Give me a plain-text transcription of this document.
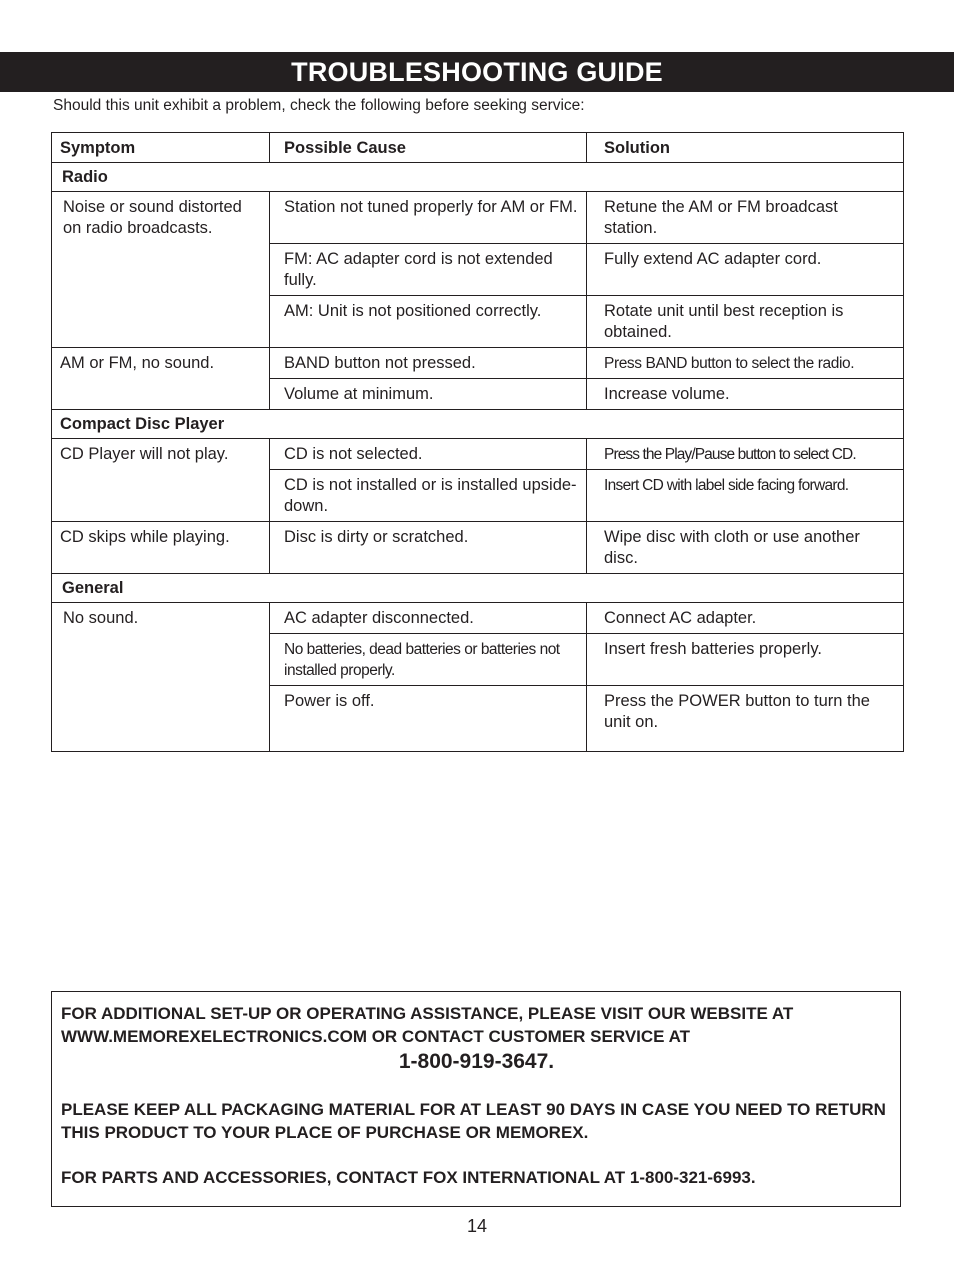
TROUBLESHOOTING GUIDE
Should this unit exhibit a problem, check the following before seeking service:
Symptom	Possible Cause	Solution
Radio		
Noise or sound distorted on radio broadcasts.	Station not tuned properly for AM or FM.	Retune the AM or FM broadcast station.
	FM: AC adapter cord is not extended fully.	Fully extend AC adapter cord.
	AM: Unit is not positioned correctly.	Rotate unit until best reception is obtained.
AM or FM, no sound.	BAND button not pressed.	Press BAND button to select the radio.
	Volume at minimum.	Increase volume.
Compact Disc Player		
CD Player will not play.	CD is not selected.	Press the Play/Pause button to select CD.
	CD is not installed or is installed upside-down.	Insert CD with label side facing forward.
CD skips while playing.	Disc is dirty or scratched.	Wipe disc with cloth or use another disc.
General		
No sound.	AC adapter disconnected.	Connect AC adapter.
	No batteries, dead batteries or batteries not installed properly.	Insert fresh batteries properly.
	Power is off.	Press the POWER button to turn the unit on.

FOR ADDITIONAL SET-UP OR OPERATING ASSISTANCE, PLEASE VISIT OUR WEBSITE AT WWW.MEMOREXELECTRONICS.COM OR CONTACT CUSTOMER SERVICE AT

1-800-919-3647.

PLEASE KEEP ALL PACKAGING MATERIAL FOR AT LEAST 90 DAYS IN CASE YOU NEED TO RETURN THIS PRODUCT TO YOUR PLACE OF PURCHASE OR MEMOREX.

FOR PARTS AND ACCESSORIES, CONTACT FOX INTERNATIONAL AT 1-800-321-6993.

14
